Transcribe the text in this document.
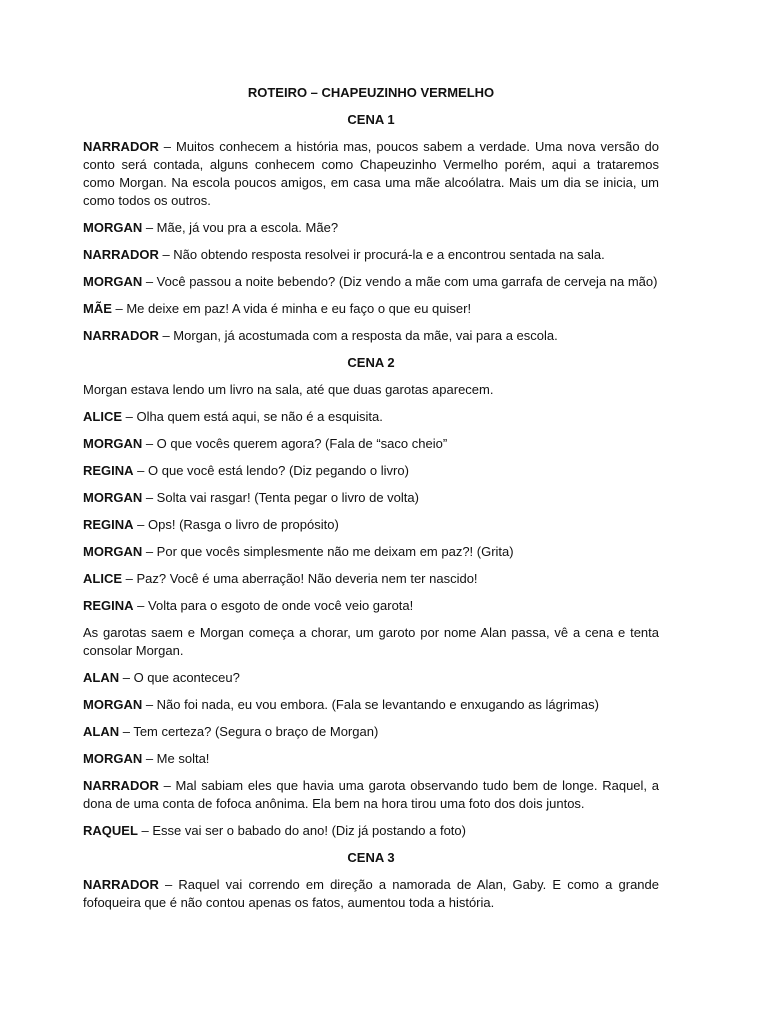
ROTEIRO – CHAPEUZINHO VERMELHO
CENA 1
NARRADOR – Muitos conhecem a história mas, poucos sabem a verdade. Uma nova versão do conto será contada, alguns conhecem como Chapeuzinho Vermelho porém, aqui a trataremos como Morgan. Na escola poucos amigos, em casa uma mãe alcoólatra. Mais um dia se inicia, um como todos os outros.
MORGAN – Mãe, já vou pra a escola. Mãe?
NARRADOR – Não obtendo resposta resolvei ir procurá-la e a encontrou sentada na sala.
MORGAN – Você passou a noite bebendo? (Diz vendo a mãe com uma garrafa de cerveja na mão)
MÃE – Me deixe em paz! A vida é minha e eu faço o que eu quiser!
NARRADOR – Morgan, já acostumada com a resposta da mãe, vai para a escola.
CENA 2
Morgan estava lendo um livro na sala, até que duas garotas aparecem.
ALICE – Olha quem está aqui, se não é a esquisita.
MORGAN – O que vocês querem agora? (Fala de “saco cheio”
REGINA – O que você está lendo? (Diz pegando o livro)
MORGAN – Solta vai rasgar! (Tenta pegar o livro de volta)
REGINA – Ops! (Rasga o livro de propósito)
MORGAN – Por que vocês simplesmente não me deixam em paz?! (Grita)
ALICE – Paz? Você é uma aberração! Não deveria nem ter nascido!
REGINA – Volta para o esgoto de onde você veio garota!
As garotas saem e Morgan começa a chorar, um garoto por nome Alan passa, vê a cena e tenta consolar Morgan.
ALAN – O que aconteceu?
MORGAN – Não foi nada, eu vou embora. (Fala se levantando e enxugando as lágrimas)
ALAN – Tem certeza? (Segura o braço de Morgan)
MORGAN – Me solta!
NARRADOR – Mal sabiam eles que havia uma garota observando tudo bem de longe. Raquel, a dona de uma conta de fofoca anônima. Ela bem na hora tirou uma foto dos dois juntos.
RAQUEL – Esse vai ser o babado do ano! (Diz já postando a foto)
CENA 3
NARRADOR – Raquel vai correndo em direção a namorada de Alan, Gaby. E como a grande fofoqueira que é não contou apenas os fatos, aumentou toda a história.
